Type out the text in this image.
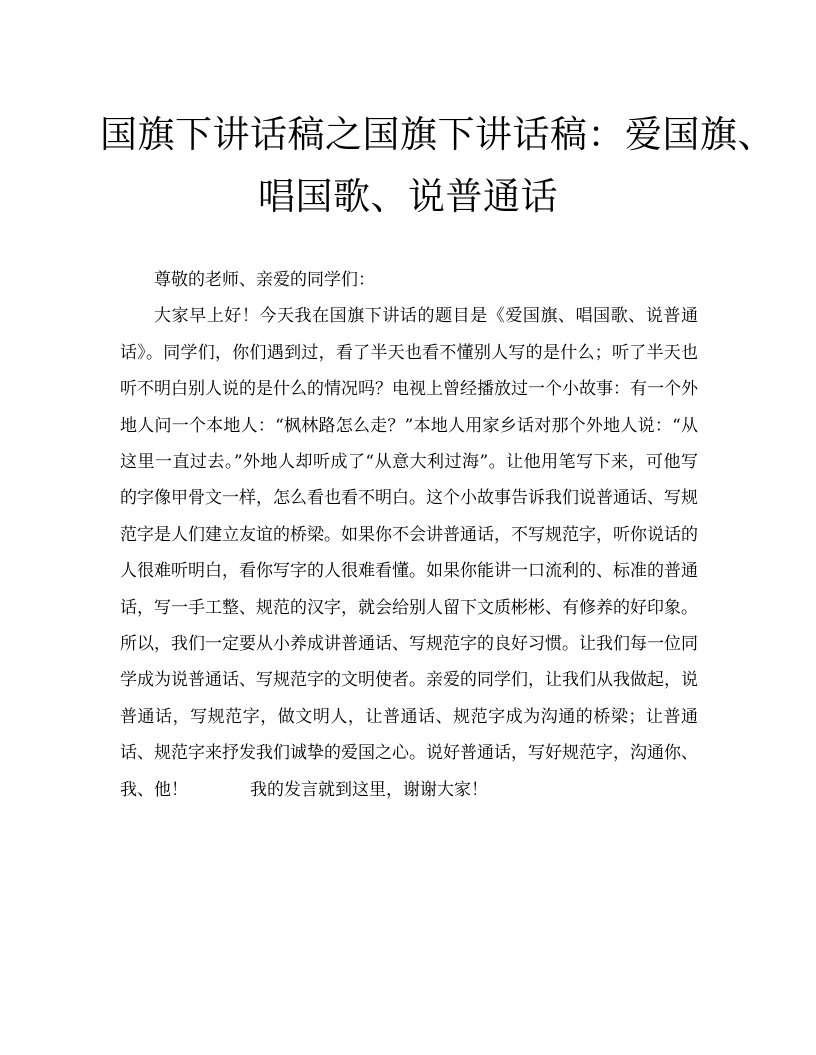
国旗下讲话稿之国旗下讲话稿：爱国旗、
唱国歌、说普通话

尊敬的老师、亲爱的同学们：

大家早上好！今天我在国旗下讲话的题目是《爱国旗、唱国歌、说普通话》。同学们，你们遇到过，看了半天也看不懂别人写的是什么；听了半天也听不明白别人说的是什么的情况吗？电视上曾经播放过一个小故事：有一个外地人问一个本地人：“枫林路怎么走？”本地人用家乡话对那个外地人说：“从这里一直过去。”外地人却听成了“从意大利过海”。让他用笔写下来，可他写的字像甲骨文一样，怎么看也看不明白。这个小故事告诉我们说普通话、写规范字是人们建立友谊的桥梁。如果你不会讲普通话，不写规范字，听你说话的人很难听明白，看你写字的人很难看懂。如果你能讲一口流利的、标准的普通话，写一手工整、规范的汉字，就会给别人留下文质彬彬、有修养的好印象。所以，我们一定要从小养成讲普通话、写规范字的良好习惯。让我们每一位同学成为说普通话、写规范字的文明使者。亲爱的同学们，让我们从我做起，说普通话，写规范字，做文明人，让普通话、规范字成为沟通的桥梁；让普通话、规范字来抒发我们诚挚的爱国之心。说好普通话，写好规范字，沟通你、我、他！	我的发言就到这里，谢谢大家！
